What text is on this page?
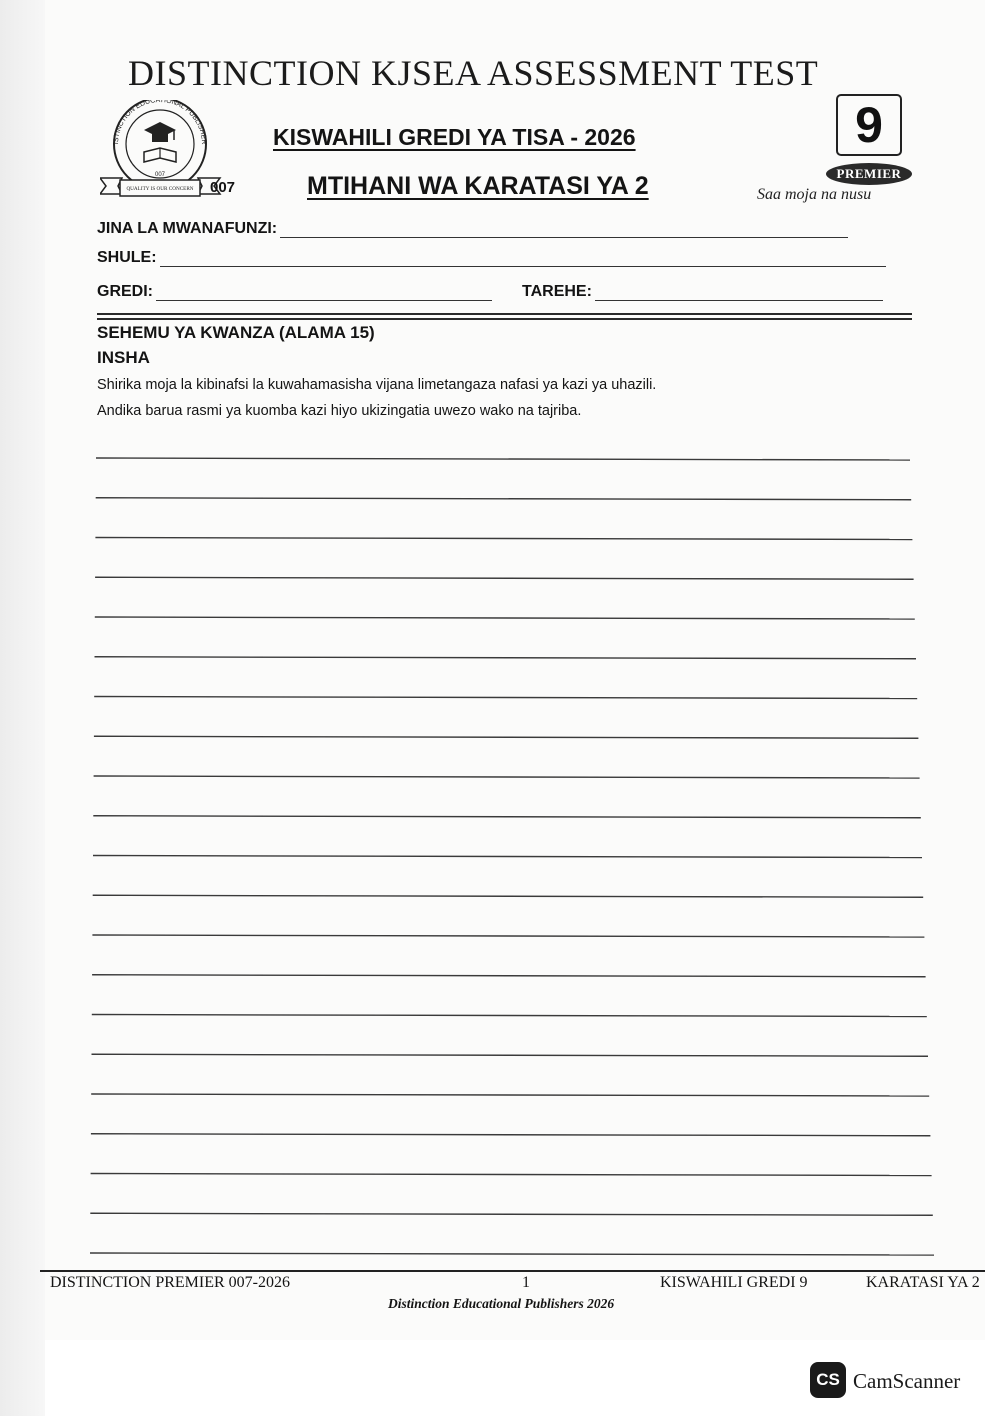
DISTINCTION KJSEA ASSESSMENT TEST
ISTINCTION EDUCATIONAL PUBLISHER
007
QUALITY IS OUR CONCERN 007
KISWAHILI GREDI YA TISA - 2026
MTIHANI WA KARATASI YA 2
9
PREMIER
Saa moja na nusu
JINA LA MWANAFUNZI:
SHULE:
GREDI:	TAREHE:
SEHEMU YA KWANZA (ALAMA 15)
INSHA
Shirika moja la kibinafsi la kuwahamasisha vijana limetangaza nafasi ya kazi ya uhazili.
Andika barua rasmi ya kuomba kazi hiyo ukizingatia uwezo wako na tajriba.
DISTINCTION PREMIER 007-2026	1	KISWAHILI GREDI 9	KARATASI YA 2
Distinction Educational Publishers 2026
CS CamScanner
